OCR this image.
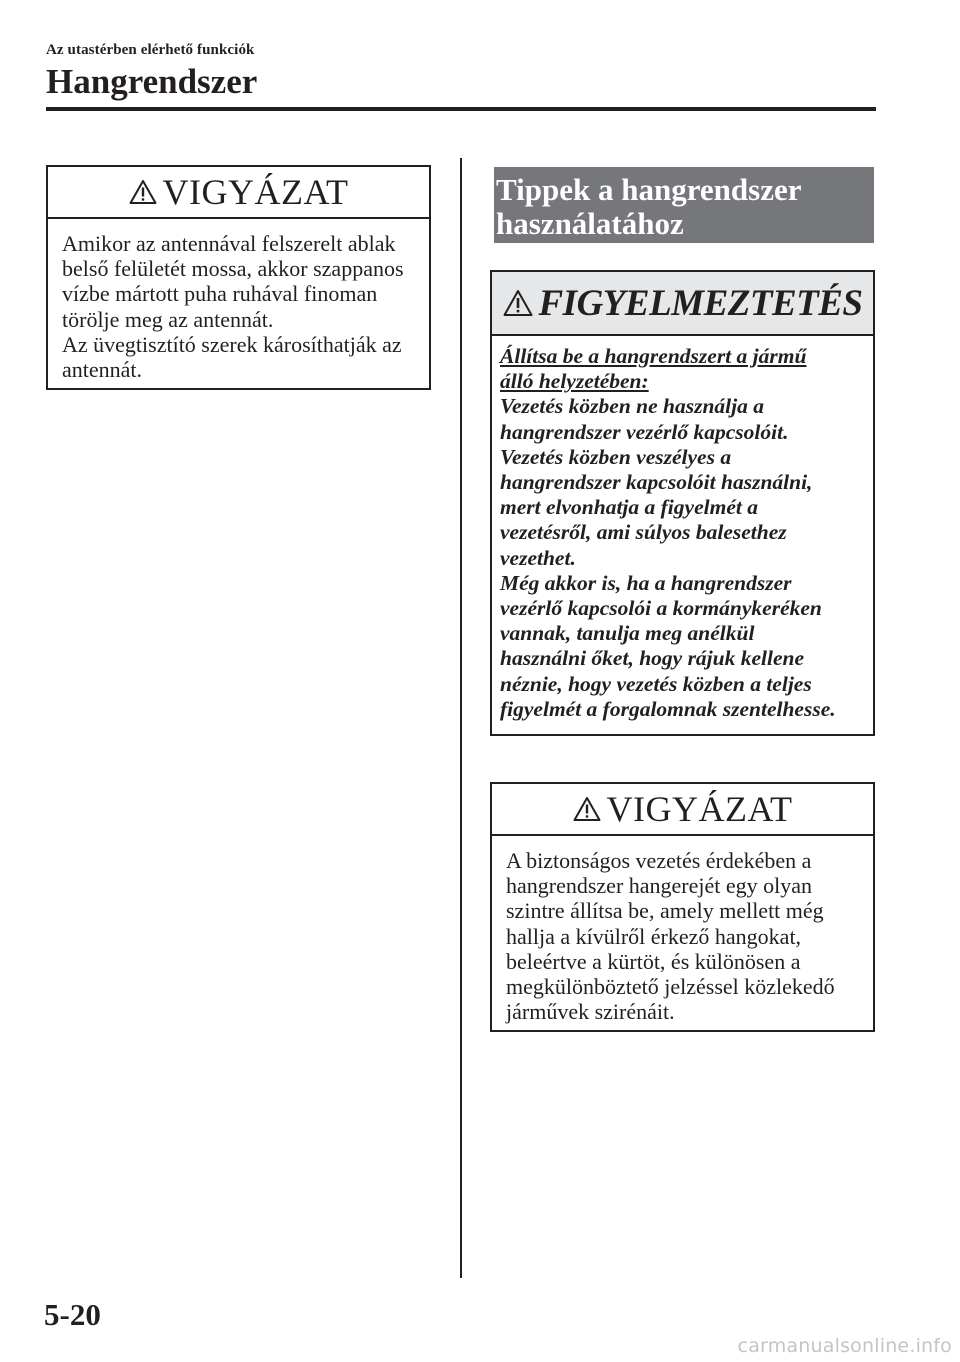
Az utastérben elérhető funkciók
Hangrendszer
VIGYÁZAT
Amikor az antennával felszerelt ablak
belső felületét mossa, akkor szappanos
vízbe mártott puha ruhával finoman
törölje meg az antennát.
Az üvegtisztító szerek károsíthatják az
antennát.
Tippek a hangrendszer
használatához
FIGYELMEZTETÉS
Állítsa be a hangrendszert a jármű
álló helyzetében:
Vezetés közben ne használja a
hangrendszer vezérlő kapcsolóit.
Vezetés közben veszélyes a
hangrendszer kapcsolóit használni,
mert elvonhatja a figyelmét a
vezetésről, ami súlyos balesethez
vezethet.
Még akkor is, ha a hangrendszer
vezérlő kapcsolói a kormánykeréken
vannak, tanulja meg anélkül
használni őket, hogy rájuk kellene
néznie, hogy vezetés közben a teljes
figyelmét a forgalomnak szentelhesse.
VIGYÁZAT
A biztonságos vezetés érdekében a
hangrendszer hangerejét egy olyan
szintre állítsa be, amely mellett még
hallja a kívülről érkező hangokat,
beleértve a kürtöt, és különösen a
megkülönböztető jelzéssel közlekedő
járművek szirénáit.
5-20
carmanualsonline.info
